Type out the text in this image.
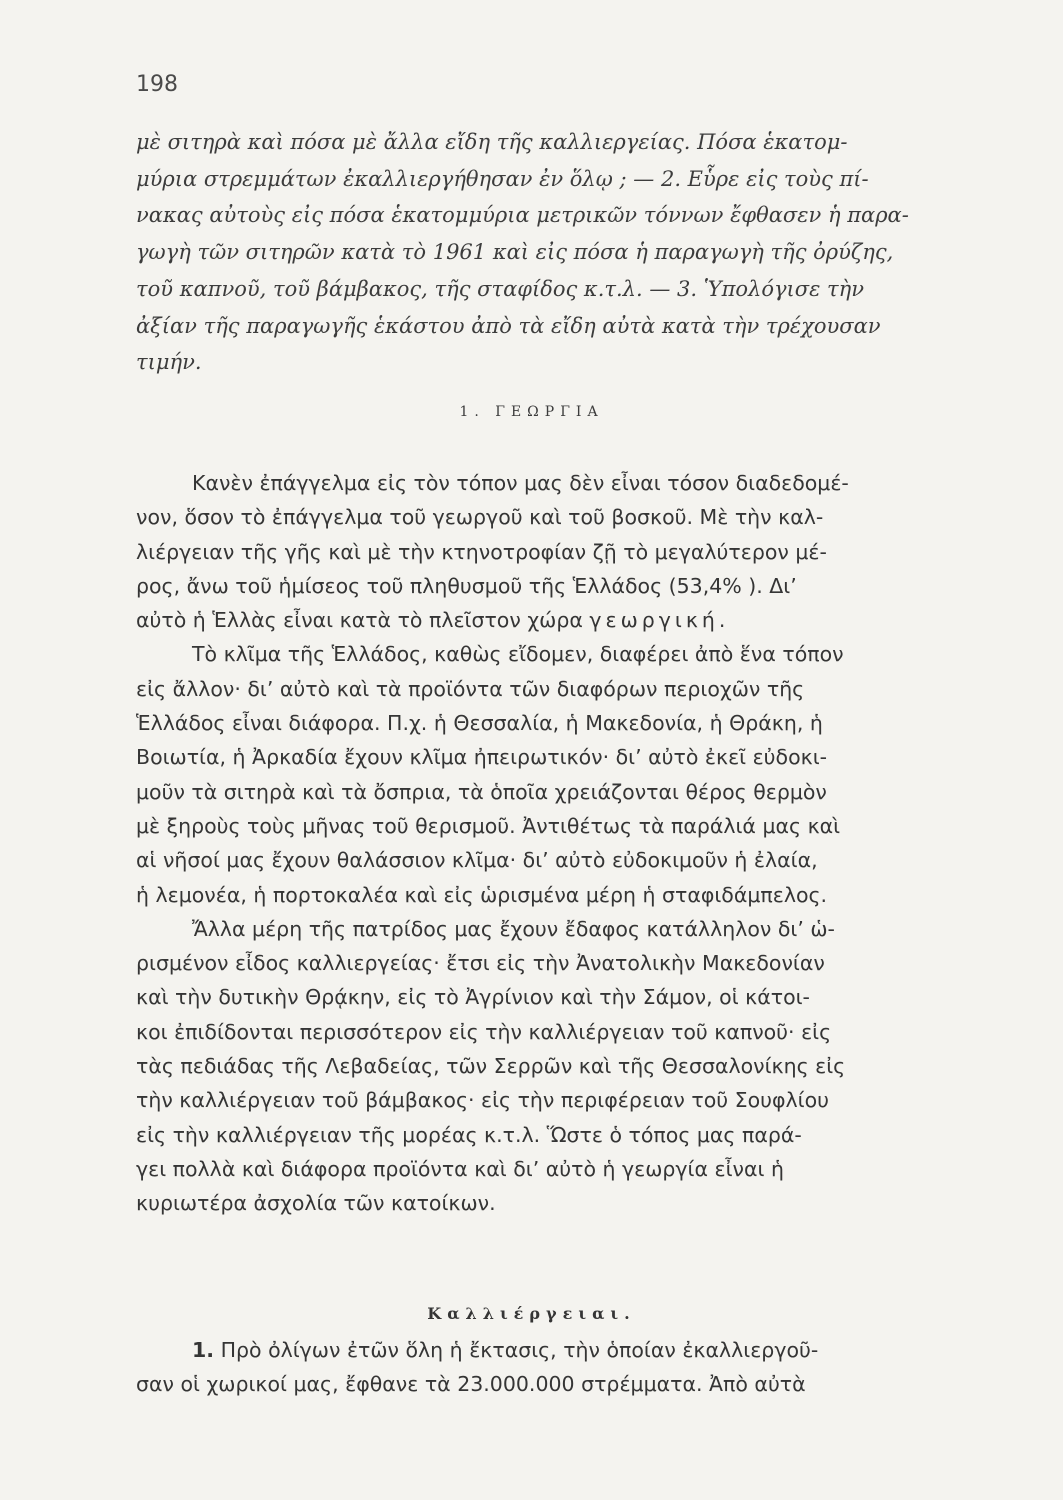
198
μὲ σιτηρὰ καὶ πόσα μὲ ἄλλα εἴδη τῆς καλλιεργείας. Πόσα ἑκατομ-
μύρια στρεμμάτων ἐκαλλιεργήθησαν ἐν ὅλῳ ; — 2. Εὗρε εἰς τοὺς πί-
νακας αὐτοὺς εἰς πόσα ἑκατομμύρια μετρικῶν τόννων ἔφθασεν ἡ παρα-
γωγὴ τῶν σιτηρῶν κατὰ τὸ 1961 καὶ εἰς πόσα ἡ παραγωγὴ τῆς ὀρύζης,
τοῦ καπνοῦ, τοῦ βάμβακος, τῆς σταφίδος κ.τ.λ. — 3. Ὑπολόγισε τὴν
ἀξίαν τῆς παραγωγῆς ἑκάστου ἀπὸ τὰ εἴδη αὐτὰ κατὰ τὴν τρέχουσαν
τιμήν.
1. ΓΕΩΡΓΙΑ
Κανὲν ἐπάγγελμα εἰς τὸν τόπον μας δὲν εἶναι τόσον διαδεδομέ-
νον, ὅσον τὸ ἐπάγγελμα τοῦ γεωργοῦ καὶ τοῦ βοσκοῦ. Μὲ τὴν καλ-
λιέργειαν τῆς γῆς καὶ μὲ τὴν κτηνοτροφίαν ζῇ τὸ μεγαλύτερον μέ-
ρος, ἄνω τοῦ ἡμίσεος τοῦ πληθυσμοῦ τῆς Ἑλλάδος (53,4% ). Δι’
αὐτὸ ἡ Ἑλλὰς εἶναι κατὰ τὸ πλεῖστον χώρα γεωργική.
Τὸ κλῖμα τῆς Ἑλλάδος, καθὼς εἴδομεν, διαφέρει ἀπὸ ἕνα τόπον
εἰς ἄλλον· δι’ αὐτὸ καὶ τὰ προϊόντα τῶν διαφόρων περιοχῶν τῆς
Ἑλλάδος εἶναι διάφορα. Π.χ. ἡ Θεσσαλία, ἡ Μακεδονία, ἡ Θράκη, ἡ
Βοιωτία, ἡ Ἀρκαδία ἔχουν κλῖμα ἠπειρωτικόν· δι’ αὐτὸ ἐκεῖ εὐδοκι-
μοῦν τὰ σιτηρὰ καὶ τὰ ὄσπρια, τὰ ὁποῖα χρειάζονται θέρος θερμὸν
μὲ ξηροὺς τοὺς μῆνας τοῦ θερισμοῦ. Ἀντιθέτως τὰ παράλιά μας καὶ
αἱ νῆσοί μας ἔχουν θαλάσσιον κλῖμα· δι’ αὐτὸ εὐδοκιμοῦν ἡ ἐλαία,
ἡ λεμονέα, ἡ πορτοκαλέα καὶ εἰς ὡρισμένα μέρη ἡ σταφιδάμπελος.
Ἄλλα μέρη τῆς πατρίδος μας ἔχουν ἔδαφος κατάλληλον δι’ ὡ-
ρισμένον εἶδος καλλιεργείας· ἔτσι εἰς τὴν Ἀνατολικὴν Μακεδονίαν
καὶ τὴν δυτικὴν Θρᾴκην, εἰς τὸ Ἀγρίνιον καὶ τὴν Σάμον, οἱ κάτοι-
κοι ἐπιδίδονται περισσότερον εἰς τὴν καλλιέργειαν τοῦ καπνοῦ· εἰς
τὰς πεδιάδας τῆς Λεβαδείας, τῶν Σερρῶν καὶ τῆς Θεσσαλονίκης εἰς
τὴν καλλιέργειαν τοῦ βάμβακος· εἰς τὴν περιφέρειαν τοῦ Σουφλίου
εἰς τὴν καλλιέργειαν τῆς μορέας κ.τ.λ. Ὥστε ὁ τόπος μας παρά-
γει πολλὰ καὶ διάφορα προϊόντα καὶ δι’ αὐτὸ ἡ γεωργία εἶναι ἡ
κυριωτέρα ἀσχολία τῶν κατοίκων.
Καλλιέργειαι.
1. Πρὸ ὀλίγων ἐτῶν ὅλη ἡ ἔκτασις, τὴν ὁποίαν ἐκαλλιεργοῦ-
σαν οἱ χωρικοί μας, ἔφθανε τὰ 23.000.000 στρέμματα. Ἀπὸ αὐτὰ
